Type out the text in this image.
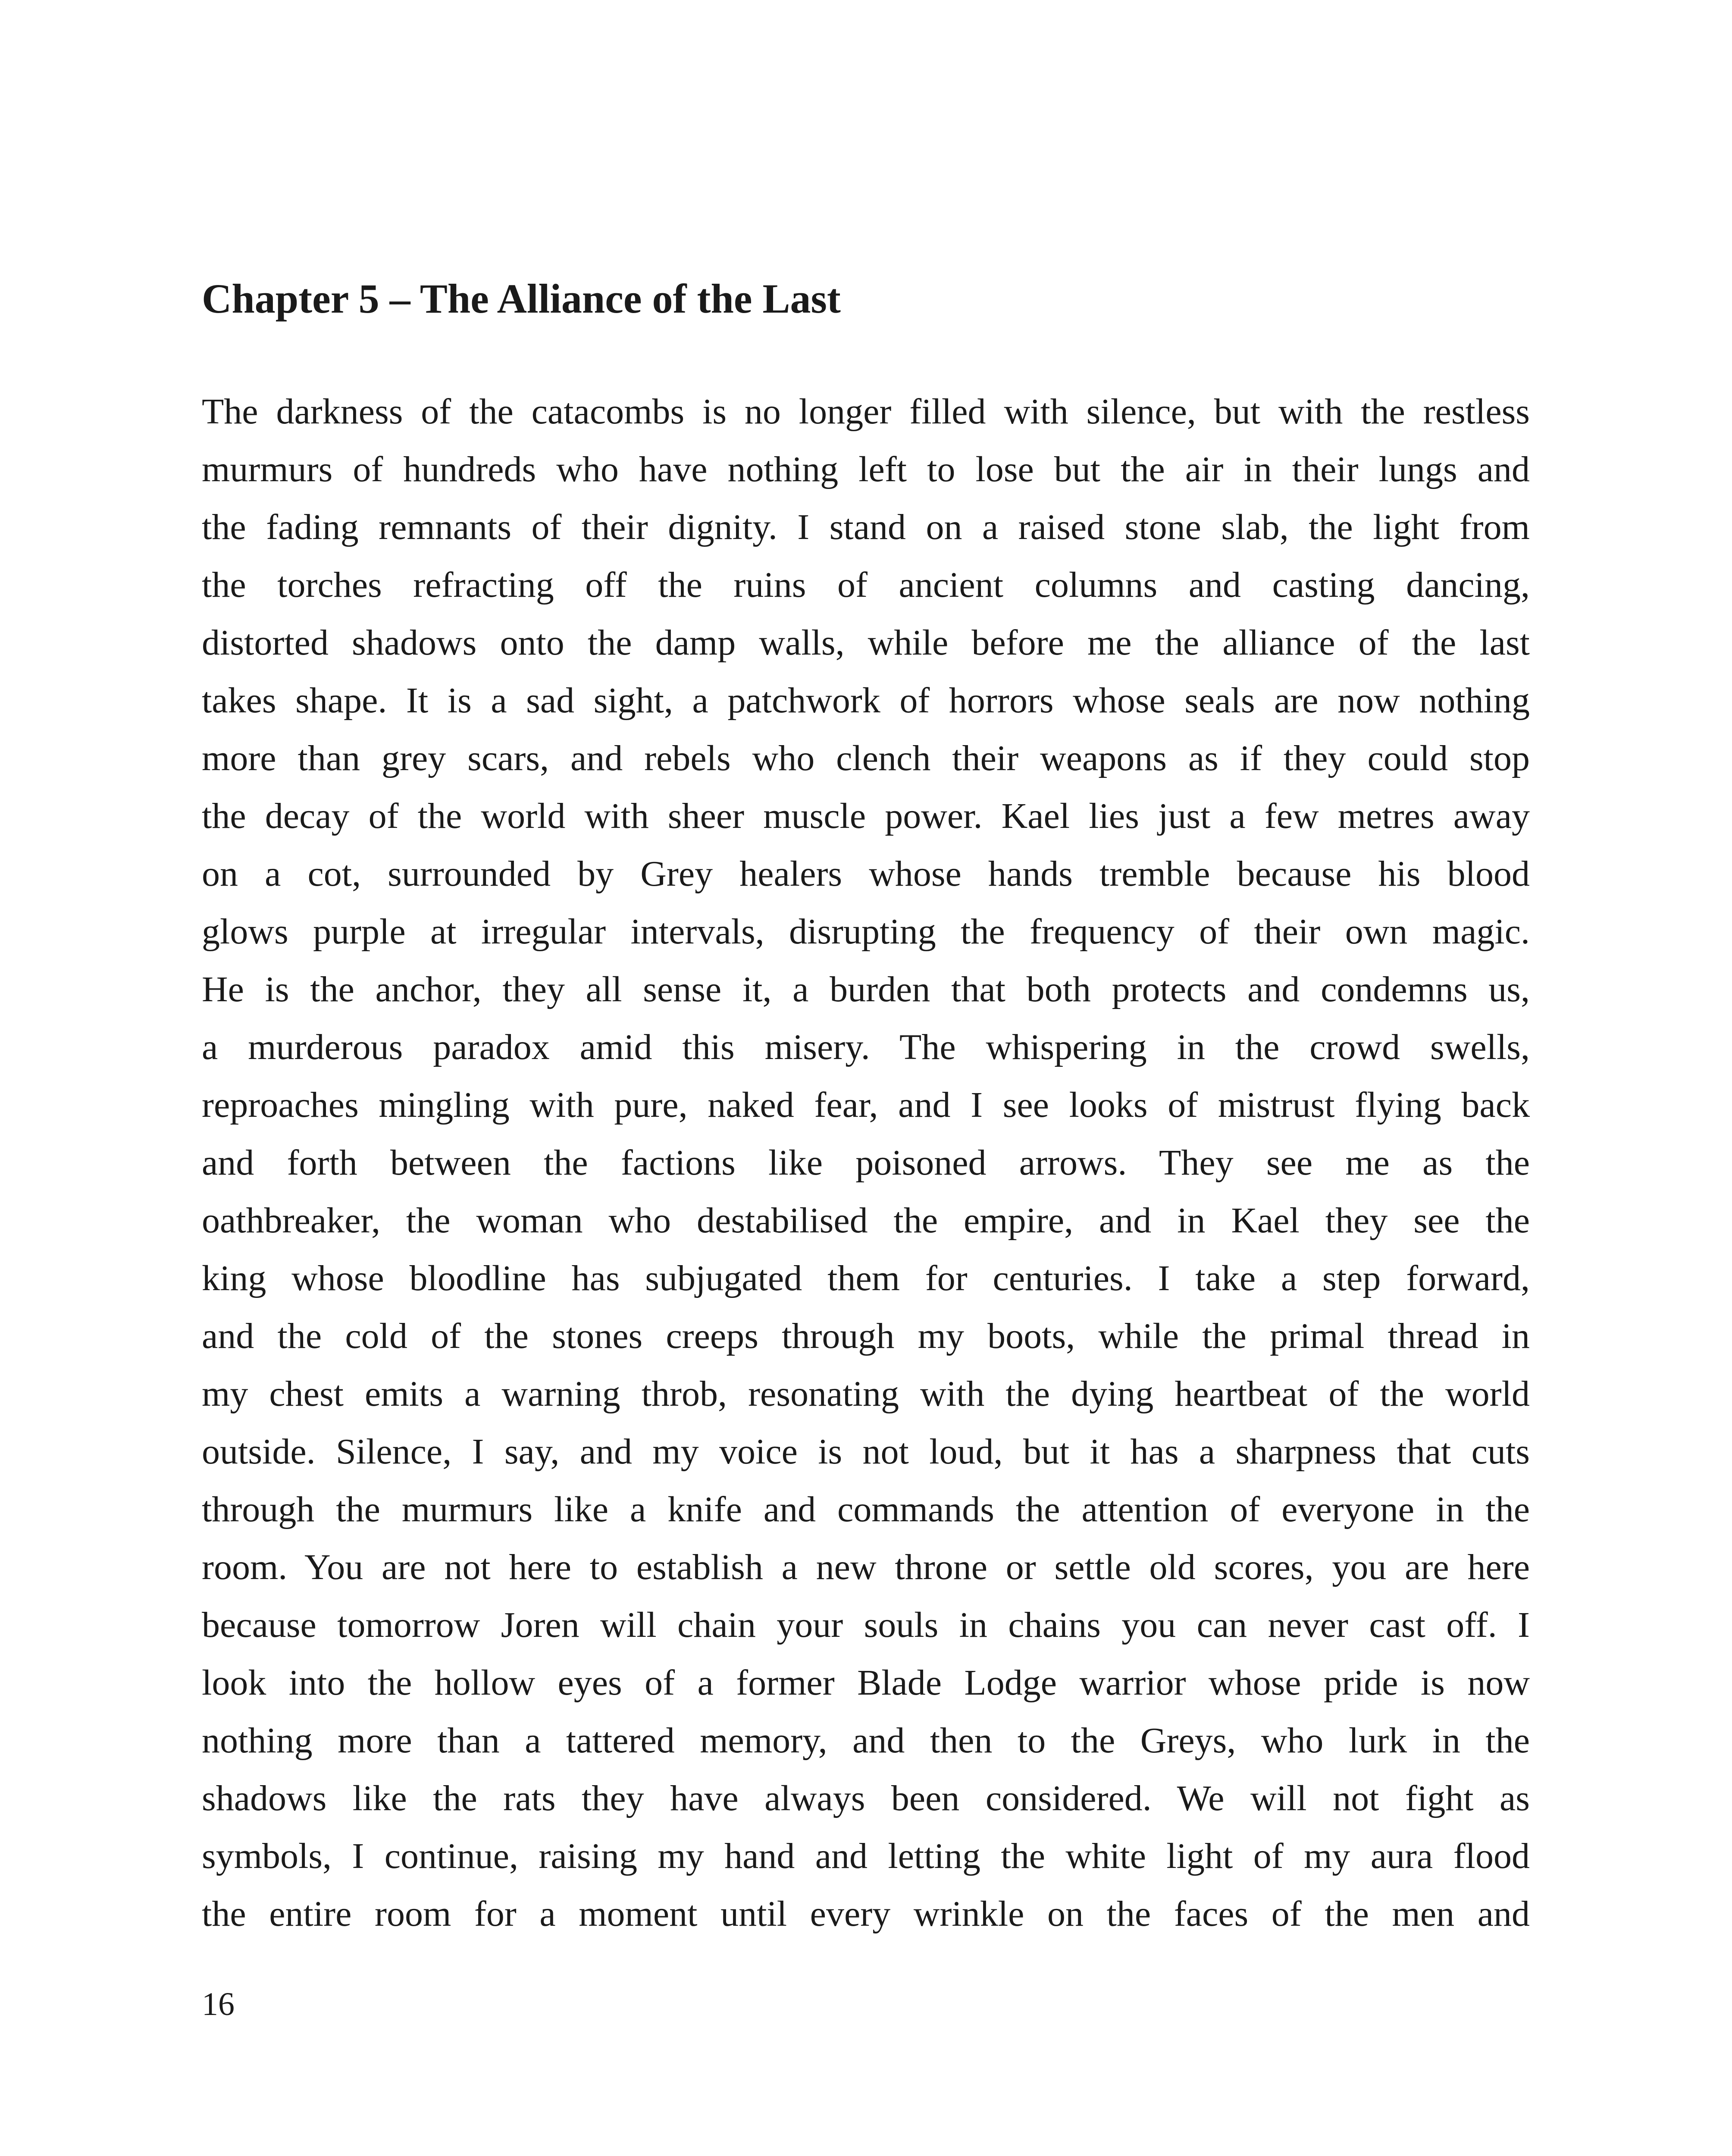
Chapter 5 – The Alliance of the Last
The darkness of the catacombs is no longer filled with silence, but with the restless
murmurs of hundreds who have nothing left to lose but the air in their lungs and
the fading remnants of their dignity. I stand on a raised stone slab, the light from
the torches refracting off the ruins of ancient columns and casting dancing,
distorted shadows onto the damp walls, while before me the alliance of the last
takes shape. It is a sad sight, a patchwork of horrors whose seals are now nothing
more than grey scars, and rebels who clench their weapons as if they could stop
the decay of the world with sheer muscle power. Kael lies just a few metres away
on a cot, surrounded by Grey healers whose hands tremble because his blood
glows purple at irregular intervals, disrupting the frequency of their own magic.
He is the anchor, they all sense it, a burden that both protects and condemns us,
a murderous paradox amid this misery. The whispering in the crowd swells,
reproaches mingling with pure, naked fear, and I see looks of mistrust flying back
and forth between the factions like poisoned arrows. They see me as the
oathbreaker, the woman who destabilised the empire, and in Kael they see the
king whose bloodline has subjugated them for centuries. I take a step forward,
and the cold of the stones creeps through my boots, while the primal thread in
my chest emits a warning throb, resonating with the dying heartbeat of the world
outside. Silence, I say, and my voice is not loud, but it has a sharpness that cuts
through the murmurs like a knife and commands the attention of everyone in the
room. You are not here to establish a new throne or settle old scores, you are here
because tomorrow Joren will chain your souls in chains you can never cast off. I
look into the hollow eyes of a former Blade Lodge warrior whose pride is now
nothing more than a tattered memory, and then to the Greys, who lurk in the
shadows like the rats they have always been considered. We will not fight as
symbols, I continue, raising my hand and letting the white light of my aura flood
the entire room for a moment until every wrinkle on the faces of the men and
16
